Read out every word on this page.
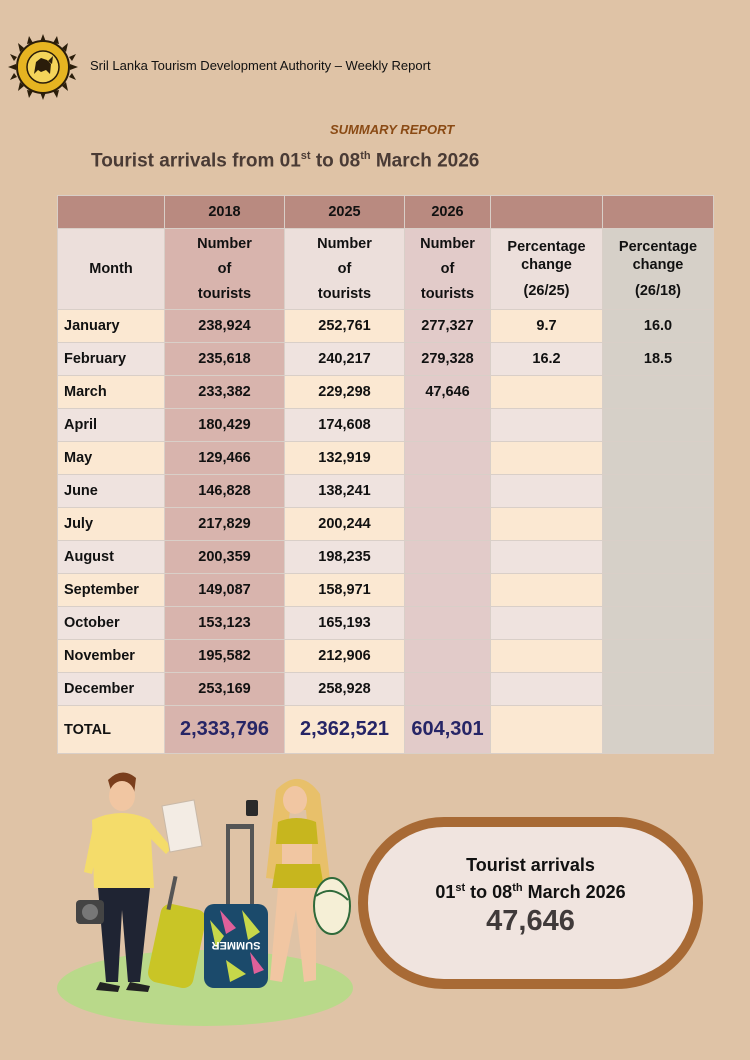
Sril Lanka Tourism Development Authority – Weekly Report
SUMMARY REPORT
Tourist arrivals from 01st to 08th March 2026
	2018	2025	2026		
Month	Number
of
tourists	Number
of
tourists	Number
of
tourists	Percentage
change
(26/25)	Percentage
change
(26/18)
January	238,924	252,761	277,327	9.7	16.0
February	235,618	240,217	279,328	16.2	18.5
March	233,382	229,298	47,646		
April	180,429	174,608			
May	129,466	132,919			
June	146,828	138,241			
July	217,829	200,244			
August	200,359	198,235			
September	149,087	158,971			
October	153,123	165,193			
November	195,582	212,906			
December	253,169	258,928			
TOTAL	2,333,796	2,362,521	604,301		
SUMMER
Tourist arrivals
01st to 08th March 2026
47,646
